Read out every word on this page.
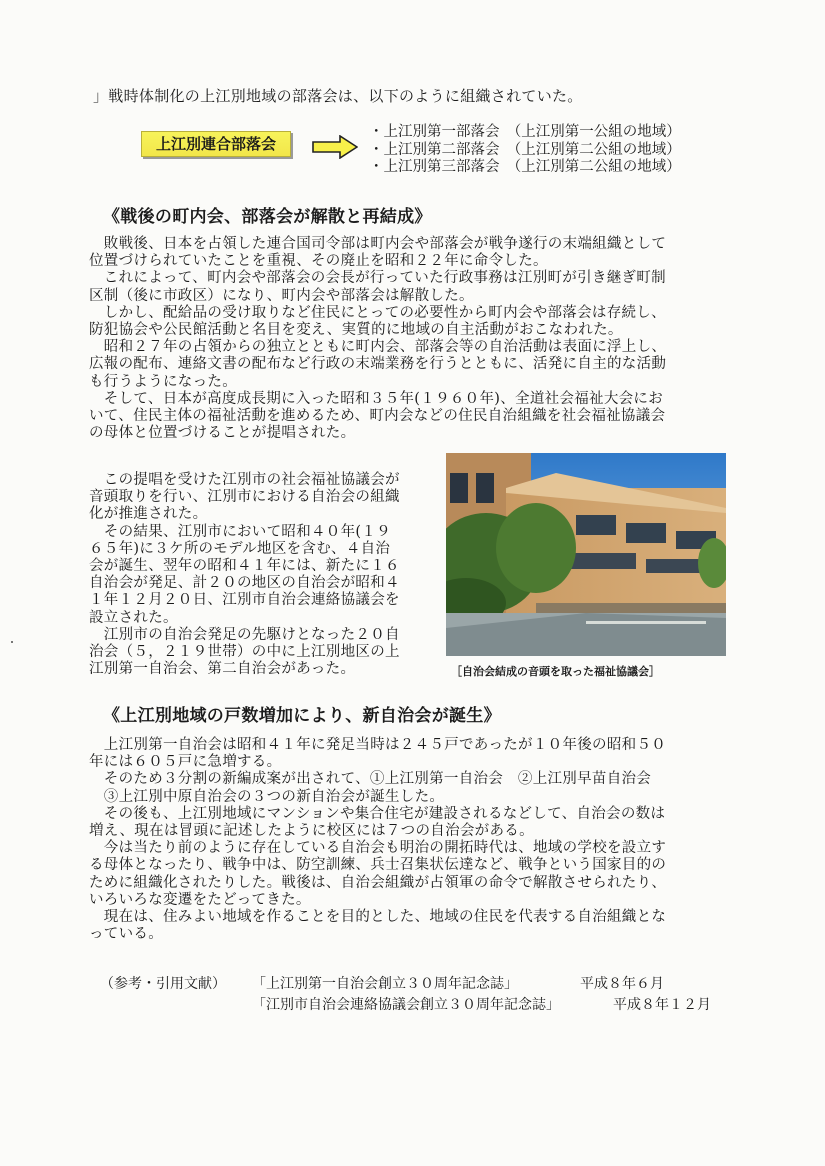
」戦時体制化の上江別地域の部落会は、以下のように組織されていた。
上江別連合部落会
・上江別第一部落会　（上江別第一公組の地域）
・上江別第二部落会　（上江別第二公組の地域）
・上江別第三部落会　（上江別第二公組の地域）
《戦後の町内会、部落会が解散と再結成》
　敗戦後、日本を占領した連合国司令部は町内会や部落会が戦争遂行の末端組織として
位置づけられていたことを重視、その廃止を昭和２２年に命令した。
　これによって、町内会や部落会の会長が行っていた行政事務は江別町が引き継ぎ町制
区制（後に市政区）になり、町内会や部落会は解散した。
　しかし、配給品の受け取りなど住民にとっての必要性から町内会や部落会は存続し、
防犯協会や公民館活動と名目を変え、実質的に地域の自主活動がおこなわれた。
　昭和２７年の占領からの独立とともに町内会、部落会等の自治活動は表面に浮上し、
広報の配布、連絡文書の配布など行政の末端業務を行うとともに、活発に自主的な活動
も行うようになった。
　そして、日本が高度成長期に入った昭和３５年(１９６０年)、全道社会福祉大会にお
いて、住民主体の福祉活動を進めるため、町内会などの住民自治組織を社会福祉協議会
の母体と位置づけることが提唱された。
　この提唱を受けた江別市の社会福祉協議会が
音頭取りを行い、江別市における自治会の組織
化が推進された。
　その結果、江別市において昭和４０年(１９
６５年)に３ケ所のモデル地区を含む、４自治
会が誕生、翌年の昭和４１年には、新たに１６
自治会が発足、計２０の地区の自治会が昭和４
１年１２月２０日、江別市自治会連絡協議会を
設立された。
　江別市の自治会発足の先駆けとなった２０自
治会（５，２１９世帯）の中に上江別地区の上
江別第一自治会、第二自治会があった。	［自治会結成の音頭を取った福祉協議会］
《上江別地域の戸数増加により、新自治会が誕生》
　上江別第一自治会は昭和４１年に発足当時は２４５戸であったが１０年後の昭和５０
年には６０５戸に急増する。
　そのため３分割の新編成案が出されて、①上江別第一自治会　②上江別早苗自治会
　③上江別中原自治会の３つの新自治会が誕生した。
　その後も、上江別地域にマンションや集合住宅が建設されるなどして、自治会の数は
増え、現在は冒頭に記述したように校区には７つの自治会がある。
　今は当たり前のように存在している自治会も明治の開拓時代は、地域の学校を設立す
る母体となったり、戦争中は、防空訓練、兵士召集状伝達など、戦争という国家目的の
ために組織化されたりした。戦後は、自治会組織が占領軍の命令で解散させられたり、
いろいろな変遷をたどってきた。
　現在は、住みよい地域を作ることを目的とした、地域の住民を代表する自治組織とな
っている。
（参考・引用文献） 「上江別第一自治会創立３０周年記念誌」	平成８年６月
「江別市自治会連絡協議会創立３０周年記念誌」	平成８年１２月
